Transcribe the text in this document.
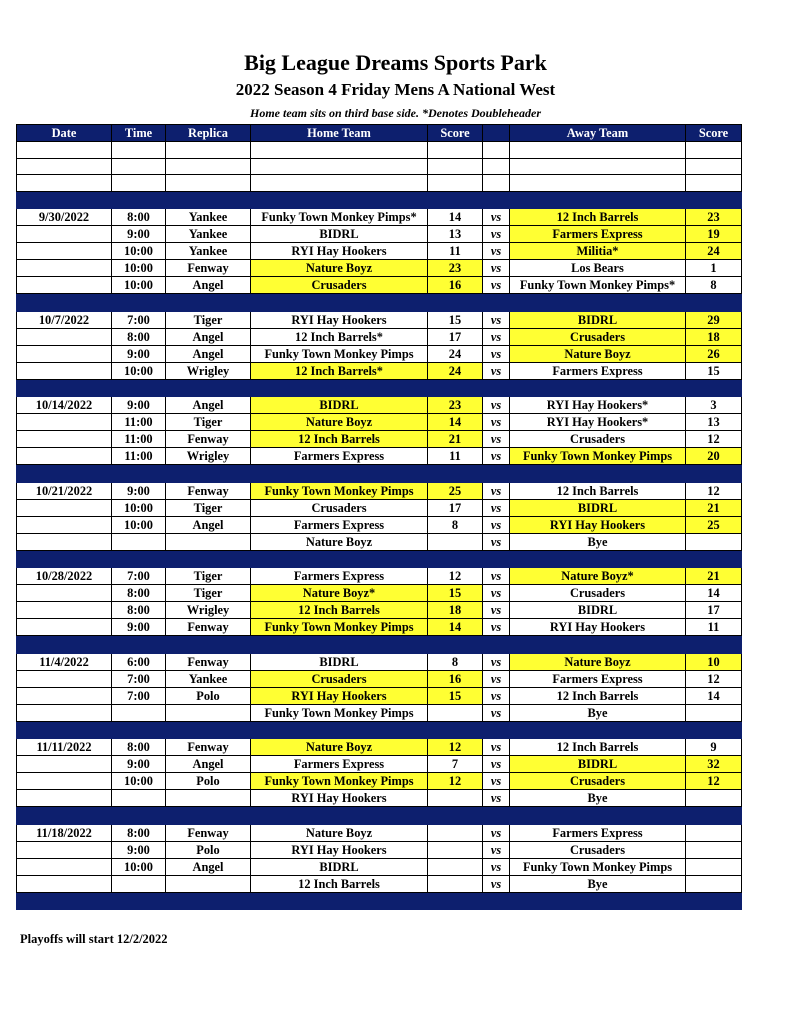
Big League Dreams Sports Park
2022 Season 4 Friday Mens A National West
Home team sits on third base side. *Denotes Doubleheader
Date	Time	Replica	Home Team	Score		Away Team	Score

9/30/2022	8:00	Yankee	Funky Town Monkey Pimps*	14	vs	12 Inch Barrels	23
	9:00	Yankee	BIDRL	13	vs	Farmers Express	19
	10:00	Yankee	RYI Hay Hookers	11	vs	Militia*	24
	10:00	Fenway	Nature Boyz	23	vs	Los Bears	1
	10:00	Angel	Crusaders	16	vs	Funky Town Monkey Pimps*	8

10/7/2022	7:00	Tiger	RYI Hay Hookers	15	vs	BIDRL	29
	8:00	Angel	12 Inch Barrels*	17	vs	Crusaders	18
	9:00	Angel	Funky Town Monkey Pimps	24	vs	Nature Boyz	26
	10:00	Wrigley	12 Inch Barrels*	24	vs	Farmers Express	15

10/14/2022	9:00	Angel	BIDRL	23	vs	RYI Hay Hookers*	3
	11:00	Tiger	Nature Boyz	14	vs	RYI Hay Hookers*	13
	11:00	Fenway	12 Inch Barrels	21	vs	Crusaders	12
	11:00	Wrigley	Farmers Express	11	vs	Funky Town Monkey Pimps	20

10/21/2022	9:00	Fenway	Funky Town Monkey Pimps	25	vs	12 Inch Barrels	12
	10:00	Tiger	Crusaders	17	vs	BIDRL	21
	10:00	Angel	Farmers Express	8	vs	RYI Hay Hookers	25
			Nature Boyz		vs	Bye	

10/28/2022	7:00	Tiger	Farmers Express	12	vs	Nature Boyz*	21
	8:00	Tiger	Nature Boyz*	15	vs	Crusaders	14
	8:00	Wrigley	12 Inch Barrels	18	vs	BIDRL	17
	9:00	Fenway	Funky Town Monkey Pimps	14	vs	RYI Hay Hookers	11

11/4/2022	6:00	Fenway	BIDRL	8	vs	Nature Boyz	10
	7:00	Yankee	Crusaders	16	vs	Farmers Express	12
	7:00	Polo	RYI Hay Hookers	15	vs	12 Inch Barrels	14
			Funky Town Monkey Pimps		vs	Bye	

11/11/2022	8:00	Fenway	Nature Boyz	12	vs	12 Inch Barrels	9
	9:00	Angel	Farmers Express	7	vs	BIDRL	32
	10:00	Polo	Funky Town Monkey Pimps	12	vs	Crusaders	12
			RYI Hay Hookers		vs	Bye	

11/18/2022	8:00	Fenway	Nature Boyz		vs	Farmers Express	
	9:00	Polo	RYI Hay Hookers		vs	Crusaders	
	10:00	Angel	BIDRL		vs	Funky Town Monkey Pimps	
			12 Inch Barrels		vs	Bye	

Playoffs will start 12/2/2022
